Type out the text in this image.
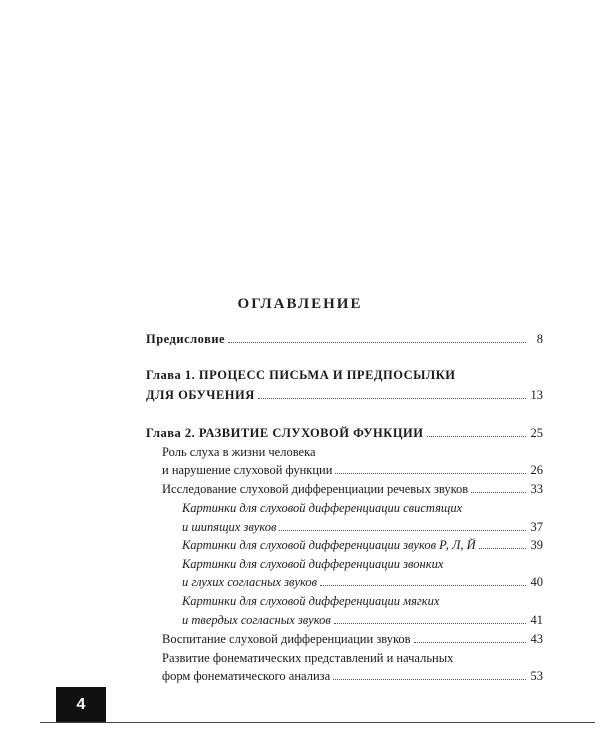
ОГЛАВЛЕНИЕ
Предисловие	8
Глава 1. ПРОЦЕСС ПИСЬМА И ПРЕДПОСЫЛКИ
ДЛЯ ОБУЧЕНИЯ	13
Глава 2. РАЗВИТИЕ СЛУХОВОЙ ФУНКЦИИ	25
Роль слуха в жизни человека
и нарушение слуховой функции	26
Исследование слуховой дифференциации речевых звуков	33
Картинки для слуховой дифференциации свистящих
и шипящих звуков	37
Картинки для слуховой дифференциации звуков Р, Л, Й	39
Картинки для слуховой дифференциации звонких
и глухих согласных звуков	40
Картинки для слуховой дифференциации мягких
и твердых согласных звуков	41
Воспитание слуховой дифференциации звуков	43
Развитие фонематических представлений и начальных
форм фонематического анализа	53
4
